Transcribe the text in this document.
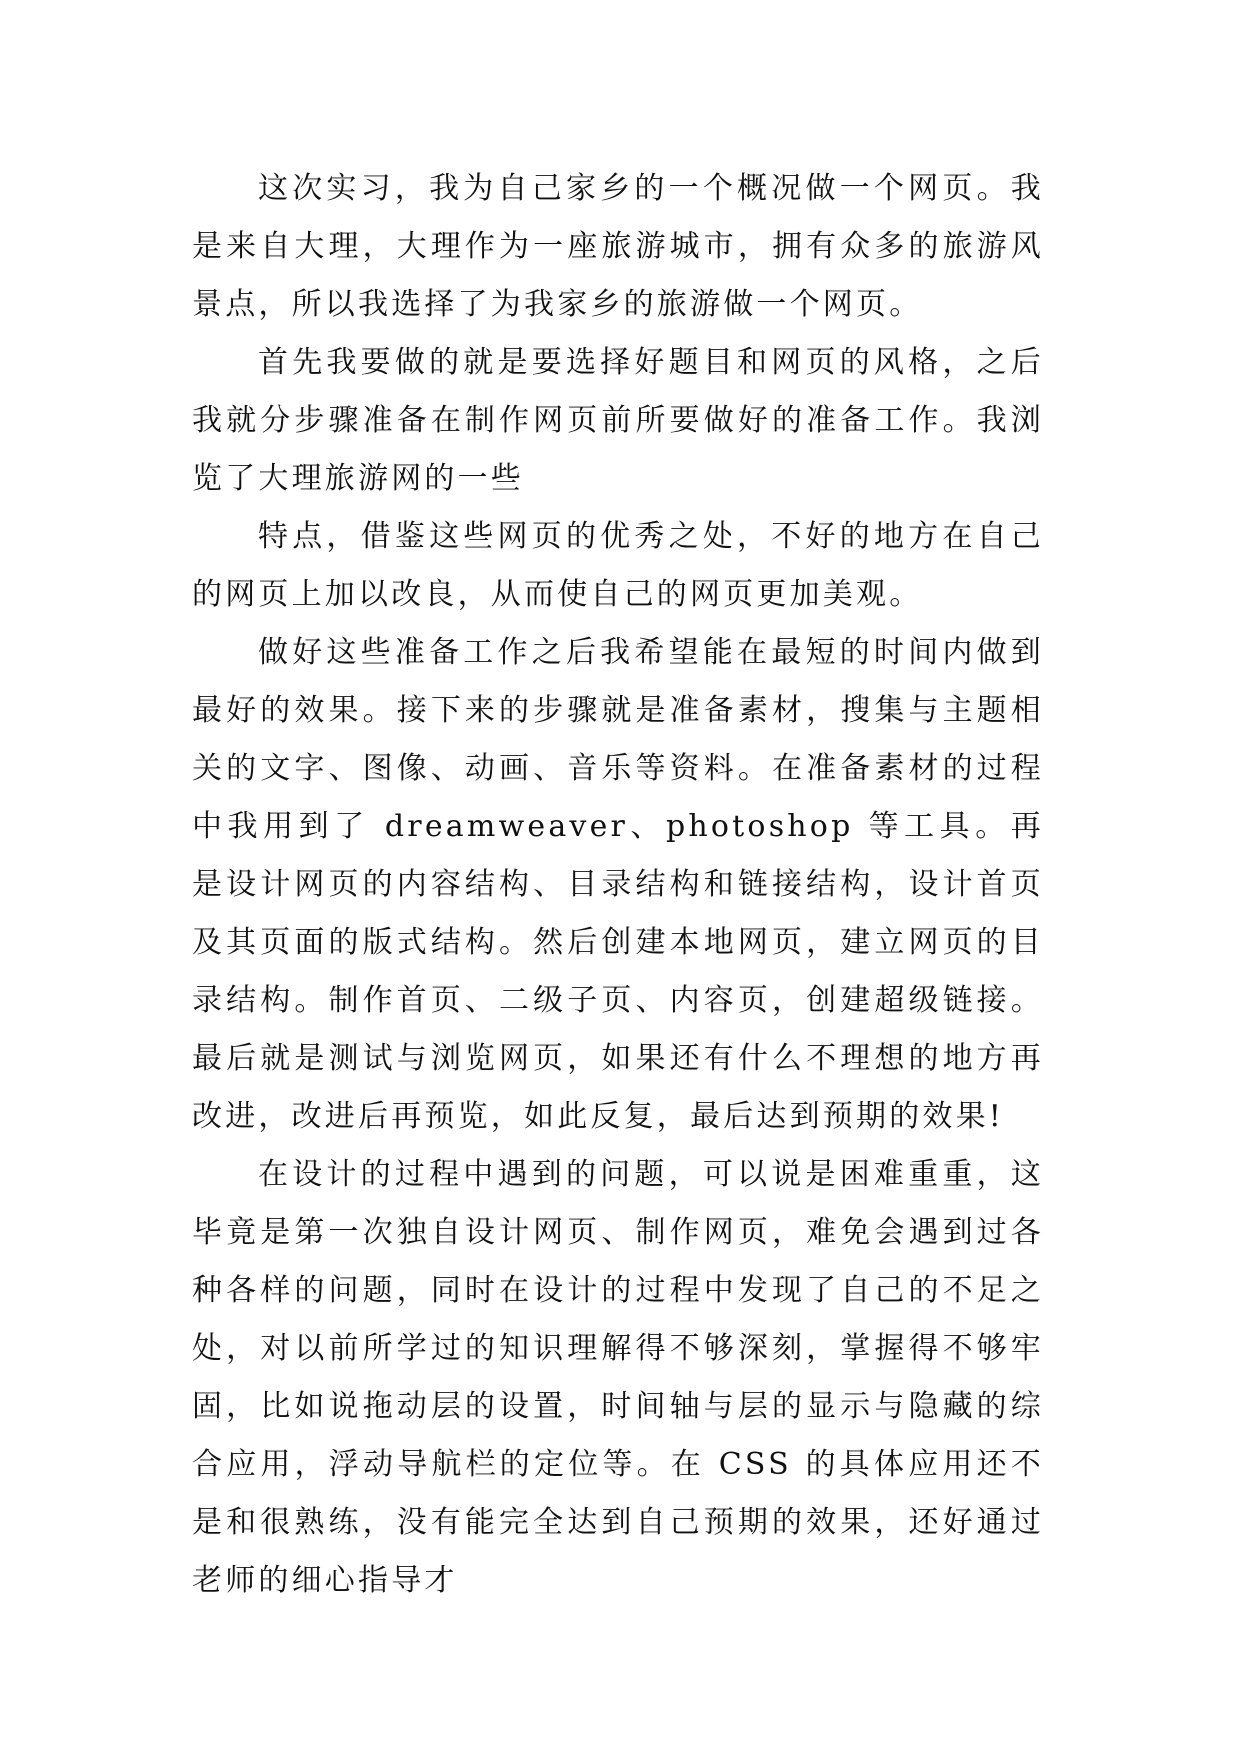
这次实习，我为自己家乡的一个概况做一个网页。我是来自大理，大理作为一座旅游城市，拥有众多的旅游风景点，所以我选择了为我家乡的旅游做一个网页。

首先我要做的就是要选择好题目和网页的风格，之后我就分步骤准备在制作网页前所要做好的准备工作。我浏览了大理旅游网的一些

特点，借鉴这些网页的优秀之处，不好的地方在自己的网页上加以改良，从而使自己的网页更加美观。

做好这些准备工作之后我希望能在最短的时间内做到最好的效果。接下来的步骤就是准备素材，搜集与主题相关的文字、图像、动画、音乐等资料。在准备素材的过程中我用到了 dreamweaver、photoshop 等工具。再是设计网页的内容结构、目录结构和链接结构，设计首页及其页面的版式结构。然后创建本地网页，建立网页的目录结构。制作首页、二级子页、内容页，创建超级链接。最后就是测试与浏览网页，如果还有什么不理想的地方再改进，改进后再预览，如此反复，最后达到预期的效果!

在设计的过程中遇到的问题，可以说是困难重重，这毕竟是第一次独自设计网页、制作网页，难免会遇到过各种各样的问题，同时在设计的过程中发现了自己的不足之处，对以前所学过的知识理解得不够深刻，掌握得不够牢固，比如说拖动层的设置，时间轴与层的显示与隐藏的综合应用，浮动导航栏的定位等。在 CSS 的具体应用还不是和很熟练，没有能完全达到自己预期的效果，还好通过老师的细心指导才
